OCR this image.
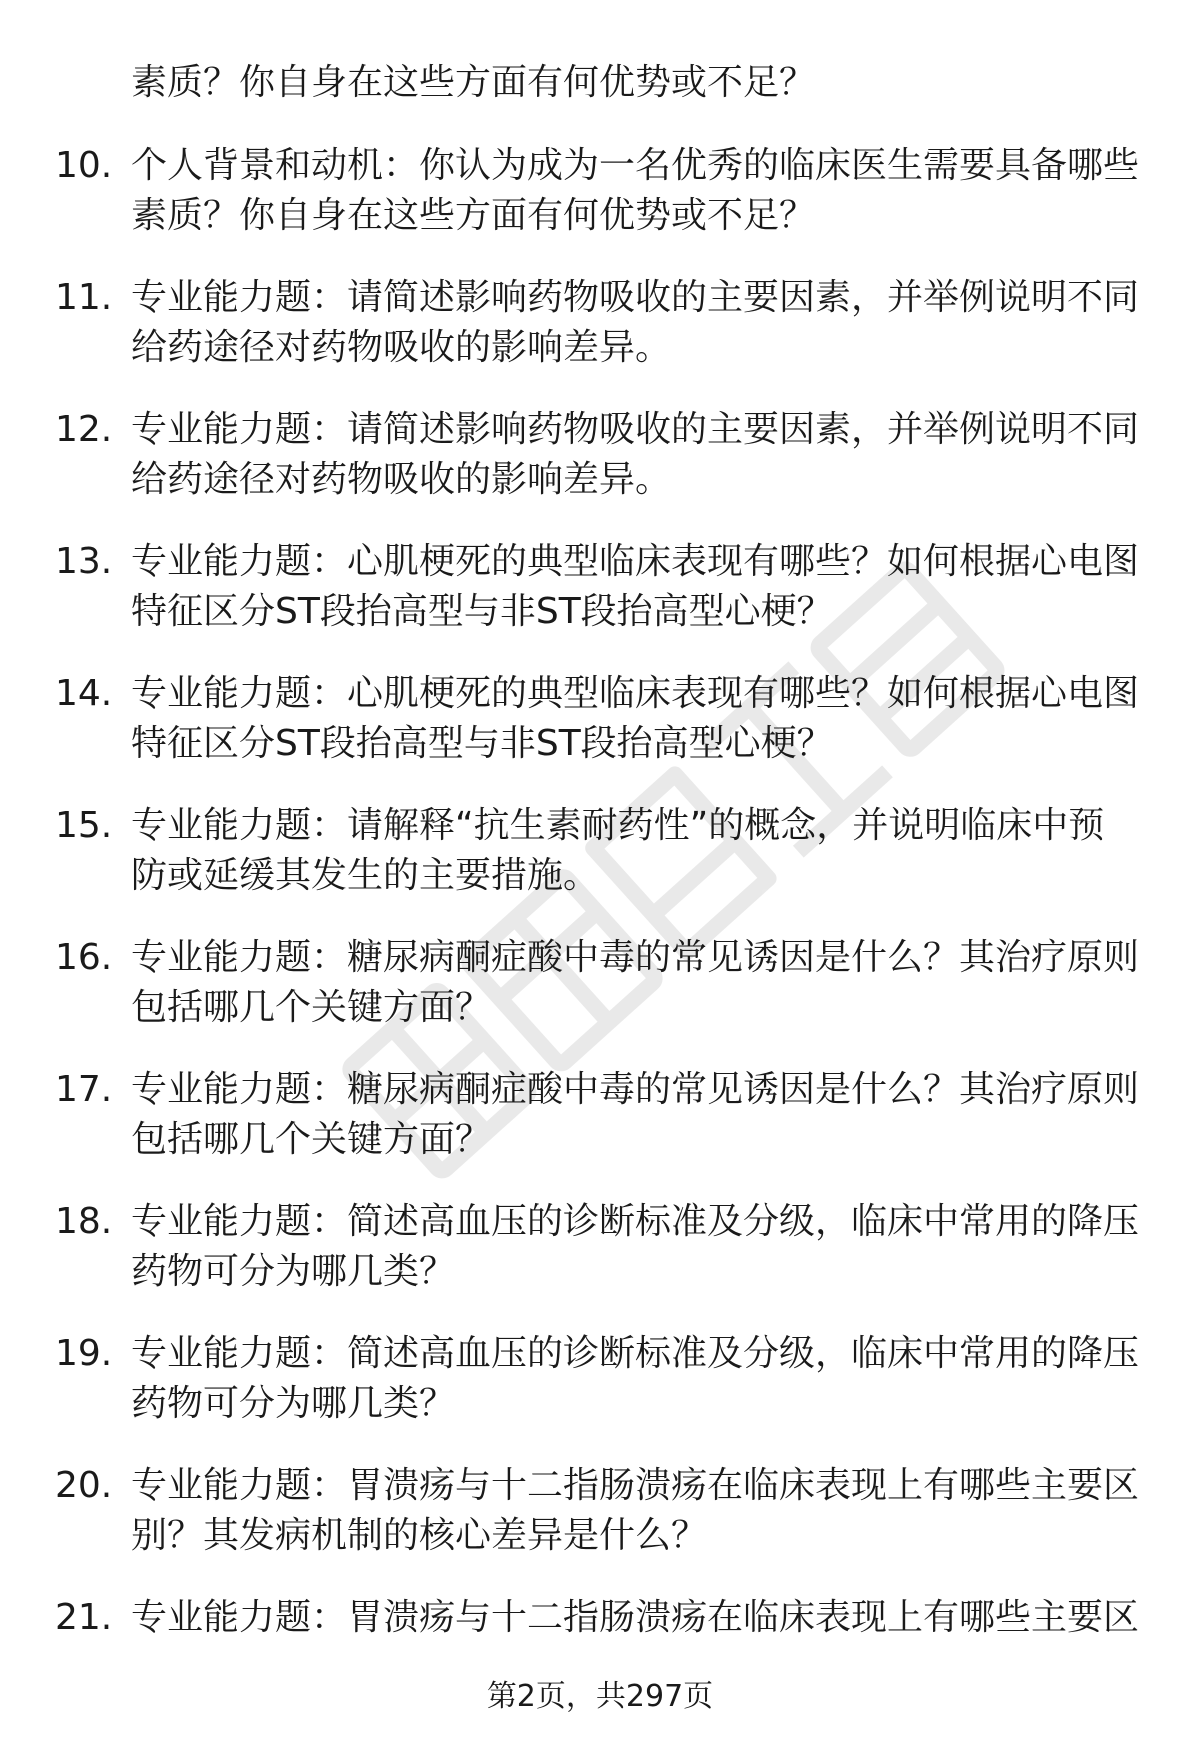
素质？你自身在这些方面有何优势或不足？
10. 个人背景和动机：你认为成为一名优秀的临床医生需要具备哪些
素质？你自身在这些方面有何优势或不足？
11. 专业能力题：请简述影响药物吸收的主要因素，并举例说明不同
给药途径对药物吸收的影响差异。
12. 专业能力题：请简述影响药物吸收的主要因素，并举例说明不同
给药途径对药物吸收的影响差异。
13. 专业能力题：心肌梗死的典型临床表现有哪些？如何根据心电图
特征区分ST段抬高型与非ST段抬高型心梗？
14. 专业能力题：心肌梗死的典型临床表现有哪些？如何根据心电图
特征区分ST段抬高型与非ST段抬高型心梗？
15. 专业能力题：请解释“抗生素耐药性”的概念，并说明临床中预
防或延缓其发生的主要措施。
16. 专业能力题：糖尿病酮症酸中毒的常见诱因是什么？其治疗原则
包括哪几个关键方面？
17. 专业能力题：糖尿病酮症酸中毒的常见诱因是什么？其治疗原则
包括哪几个关键方面？
18. 专业能力题：简述高血压的诊断标准及分级，临床中常用的降压
药物可分为哪几类？
19. 专业能力题：简述高血压的诊断标准及分级，临床中常用的降压
药物可分为哪几类？
20. 专业能力题：胃溃疡与十二指肠溃疡在临床表现上有哪些主要区
别？其发病机制的核心差异是什么？
21. 专业能力题：胃溃疡与十二指肠溃疡在临床表现上有哪些主要区
第2页，共297页
